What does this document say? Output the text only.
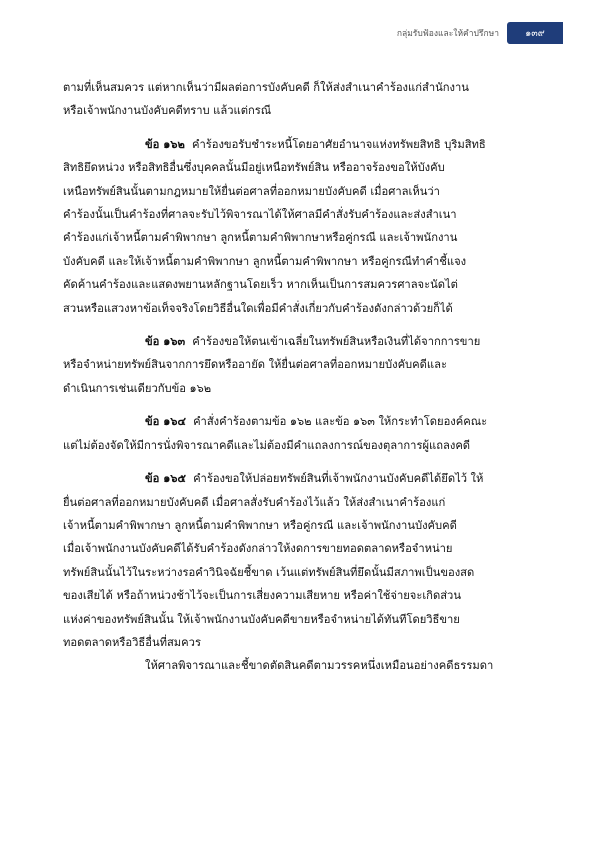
กลุ่มรับฟ้องและให้คำปรึกษา	๑๓๙

ตามที่เห็นสมควร แต่หากเห็นว่ามีผลต่อการบังคับคดี ก็ให้ส่งสำเนาคำร้องแก่สำนักงาน

หรือเจ้าพนักงานบังคับคดีทราบ แล้วแต่กรณี

ข้อ ๑๖๒ คำร้องขอรับชำระหนี้โดยอาศัยอำนาจแห่งทรัพยสิทธิ บุริมสิทธิ

สิทธิยึดหน่วง หรือสิทธิอื่นซึ่งบุคคลนั้นมีอยู่เหนือทรัพย์สิน หรืออาจร้องขอให้บังคับ

เหนือทรัพย์สินนั้นตามกฎหมายให้ยื่นต่อศาลที่ออกหมายบังคับคดี เมื่อศาลเห็นว่า

คำร้องนั้นเป็นคำร้องที่ศาลจะรับไว้พิจารณาได้ให้ศาลมีคำสั่งรับคำร้องและส่งสำเนา

คำร้องแก่เจ้าหนี้ตามคำพิพากษา ลูกหนี้ตามคำพิพากษาหรือคู่กรณี และเจ้าพนักงาน

บังคับคดี และให้เจ้าหนี้ตามคำพิพากษา ลูกหนี้ตามคำพิพากษา หรือคู่กรณีทำคำชี้แจง

คัดค้านคำร้องและแสดงพยานหลักฐานโดยเร็ว หากเห็นเป็นการสมควรศาลจะนัดไต่

สวนหรือแสวงหาข้อเท็จจริงโดยวิธีอื่นใดเพื่อมีคำสั่งเกี่ยวกับคำร้องดังกล่าวด้วยก็ได้

ข้อ ๑๖๓ คำร้องขอให้ตนเข้าเฉลี่ยในทรัพย์สินหรือเงินที่ได้จากการขาย

หรือจำหน่ายทรัพย์สินจากการยึดหรืออายัด ให้ยื่นต่อศาลที่ออกหมายบังคับคดีและ

ดำเนินการเช่นเดียวกับข้อ ๑๖๒

ข้อ ๑๖๔ คำสั่งคำร้องตามข้อ ๑๖๒ และข้อ ๑๖๓ ให้กระทำโดยองค์คณะ

แต่ไม่ต้องจัดให้มีการนั่งพิจารณาคดีและไม่ต้องมีคำแถลงการณ์ของตุลาการผู้แถลงคดี

ข้อ ๑๖๕ คำร้องขอให้ปล่อยทรัพย์สินที่เจ้าพนักงานบังคับคดีได้ยึดไว้ ให้

ยื่นต่อศาลที่ออกหมายบังคับคดี เมื่อศาลสั่งรับคำร้องไว้แล้ว ให้ส่งสำเนาคำร้องแก่

เจ้าหนี้ตามคำพิพากษา ลูกหนี้ตามคำพิพากษา หรือคู่กรณี และเจ้าพนักงานบังคับคดี

เมื่อเจ้าพนักงานบังคับคดีได้รับคำร้องดังกล่าวให้งดการขายทอดตลาดหรือจำหน่าย

ทรัพย์สินนั้นไว้ในระหว่างรอคำวินิจฉัยชี้ขาด เว้นแต่ทรัพย์สินที่ยึดนั้นมีสภาพเป็นของสด

ของเสียได้ หรือถ้าหน่วงช้าไว้จะเป็นการเสี่ยงความเสียหาย หรือค่าใช้จ่ายจะเกิดส่วน

แห่งค่าของทรัพย์สินนั้น ให้เจ้าพนักงานบังคับคดีขายหรือจำหน่ายได้ทันทีโดยวิธีขาย

ทอดตลาดหรือวิธีอื่นที่สมควร

ให้ศาลพิจารณาและชี้ขาดตัดสินคดีตามวรรคหนึ่งเหมือนอย่างคดีธรรมดา
